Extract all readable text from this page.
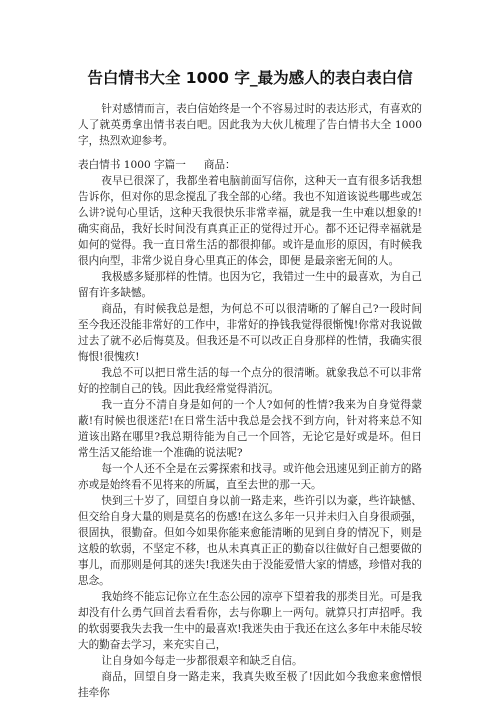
告白情书大全 1000 字_最为感人的表白表白信

针对感情而言，表白信始终是一个不容易过时的表达形式，有喜欢的人了就英勇拿出情书表白吧。因此我为大伙儿梳理了告白情书大全 1000 字，热烈欢迎参考。

表白情书 1000 字篇一 商品：

夜早已很深了，我都坐着电脑前面写信你，这种天一直有很多话我想告诉你，但对你的思念搅乱了我全部的心绪。我也不知道该说些哪些或怎么讲?说句心里话，这种天我很快乐非常幸福，就是我一生中难以想象的!确实商品，我好长时间没有真真正正的觉得过开心。都不还记得幸福就是如何的觉得。我一直日常生活的都很抑郁。或许是血形的原因，有时候我很内向型，非常少说自身心里真正的体会，即便 是最亲密无间的人。

我极感多疑那样的性情。也因为它，我错过一生中的最喜欢，为自己留有许多缺憾。

商品，有时候我总是想，为何总不可以很清晰的了解自己?一段时间至今我还没能非常好的工作中，非常好的挣钱我觉得很惭愧!你常对我说做过去了就不必后悔莫及。但我还是不可以改正自身那样的性情，我确实很悔恨!很愧疚!

我总不可以把日常生活的每一个点分的很清晰。就象我总不可以非常好的控制自己的钱。因此我经常觉得消沉。

我一直分不清自身是如何的一个人?如何的性情?我来为自身觉得蒙蔽!有时候也很迷茫!在日常生活中我总是会找不到方向，针对将来总不知道该出路在哪里?我总期待能为自己一个回答，无论它是好或是坏。但日常生活又能给谁一个准确的说法呢?

每一个人还不全是在云雾探索和找寻。或许他会迅速见到正前方的路亦或是始终看不见将来的所属，直至去世的那一天。

快到三十岁了，回望自身以前一路走来，些许引以为豪，些许缺憾、但交给自身大量的则是莫名的伤感!在这么多年一只并未归入自身很顽强，很固执，很勤奋。但如今如果你能来愈能清晰的见到自身的情况下，则是这般的软弱，不坚定不移，也从未真真正正的勤奋以往做好自己想要做的事儿，而那则是何其的迷失!我迷失由于没能爱惜大家的情感，珍惜对我的思念。

我始终不能忘记你立在生态公园的凉亭下望着我的那类目光。可是我却没有什么勇气回首去看看你，去与你聊上一两句。就算只打声招呼。我的软弱要我失去我一生中的最喜欢!我迷失由于我还在这么多年中未能尽较大的勤奋去学习，来充实自己，

让自身如今每走一步都很艰辛和缺乏自信。

商品，回望自身一路走来，我真失败至极了!因此如今我愈来愈憎恨挂牵你
